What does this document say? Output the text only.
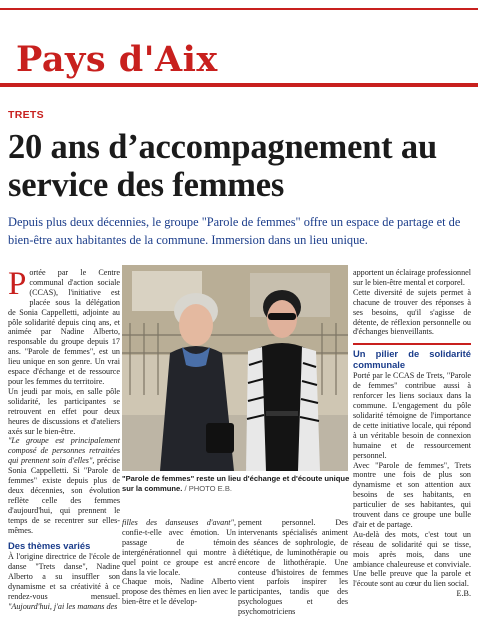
Pays d'Aix
TRETS
20 ans d’accompagnement au service des femmes

Depuis plus deux décennies, le groupe "Parole de femmes" offre un espace de partage et de bien-être aux habitantes de la commune. Immersion dans un lieu unique.

Portée par le Centre communal d'action sociale (CCAS), l'initiative est placée sous la délégation de Sonia Cappelletti, adjointe au pôle solidarité depuis cinq ans, et animée par Nadine Alberto, responsable du groupe depuis 17 ans. "Parole de femmes", est un lieu unique en son genre. Un vrai espace d'échange et de ressource pour les femmes du territoire.

Un jeudi par mois, en salle pôle solidarité, les participantes se retrouvent en effet pour deux heures de discussions et d'ateliers axés sur le bien-être.

"Le groupe est principalement composé de personnes retraitées qui prennent soin d'elles", précise Sonia Cappelletti. Si "Parole de femmes" existe depuis plus de deux décennies, son évolution reflète celle des femmes d'aujourd'hui, qui prennent le temps de se recentrer sur elles-mêmes.

Des thèmes variés

À l'origine directrice de l'école de danse "Trets danse", Nadine Alberto a su insuffler son dynamisme et sa créativité à ce rendez-vous mensuel. "Aujourd'hui, j'ai les mamans des

"Parole de femmes" reste un lieu d'échange et d'écoute unique sur la commune. / PHOTO E.B.

filles des danseuses d'avant", confie-t-elle avec émotion. Un passage de témoin intergénérationnel qui montre à quel point ce groupe est ancré dans la vie locale.

Chaque mois, Nadine Alberto propose des thèmes en lien avec le bien-être et le dévelop-

pement personnel. Des intervenants spécialisés animent des séances de sophrologie, de diététique, de luminothérapie ou encore de lithothérapie. Une conteuse d'histoires de femmes vient parfois inspirer les participantes, tandis que des psychologues et des psychomotriciens

apportent un éclairage professionnel sur le bien-être mental et corporel.

Cette diversité de sujets permet à chacune de trouver des réponses à ses besoins, qu'il s'agisse de détente, de réflexion personnelle ou d'échanges bienveillants.

Un pilier de solidarité communale

Porté par le CCAS de Trets, "Parole de femmes" contribue aussi à renforcer les liens sociaux dans la commune. L'engagement du pôle solidarité témoigne de l'importance de cette initiative locale, qui répond à un véritable besoin de connexion humaine et de ressourcement personnel.

Avec "Parole de femmes", Trets montre une fois de plus son dynamisme et son attention aux besoins de ses habitants, en particulier de ses habitantes, qui trouvent dans ce groupe une bulle d'air et de partage.

Au-delà des mots, c'est tout un réseau de solidarité qui se tisse, mois après mois, dans une ambiance chaleureuse et conviviale. Une belle preuve que la parole et l'écoute sont au cœur du lien social.

E.B.
